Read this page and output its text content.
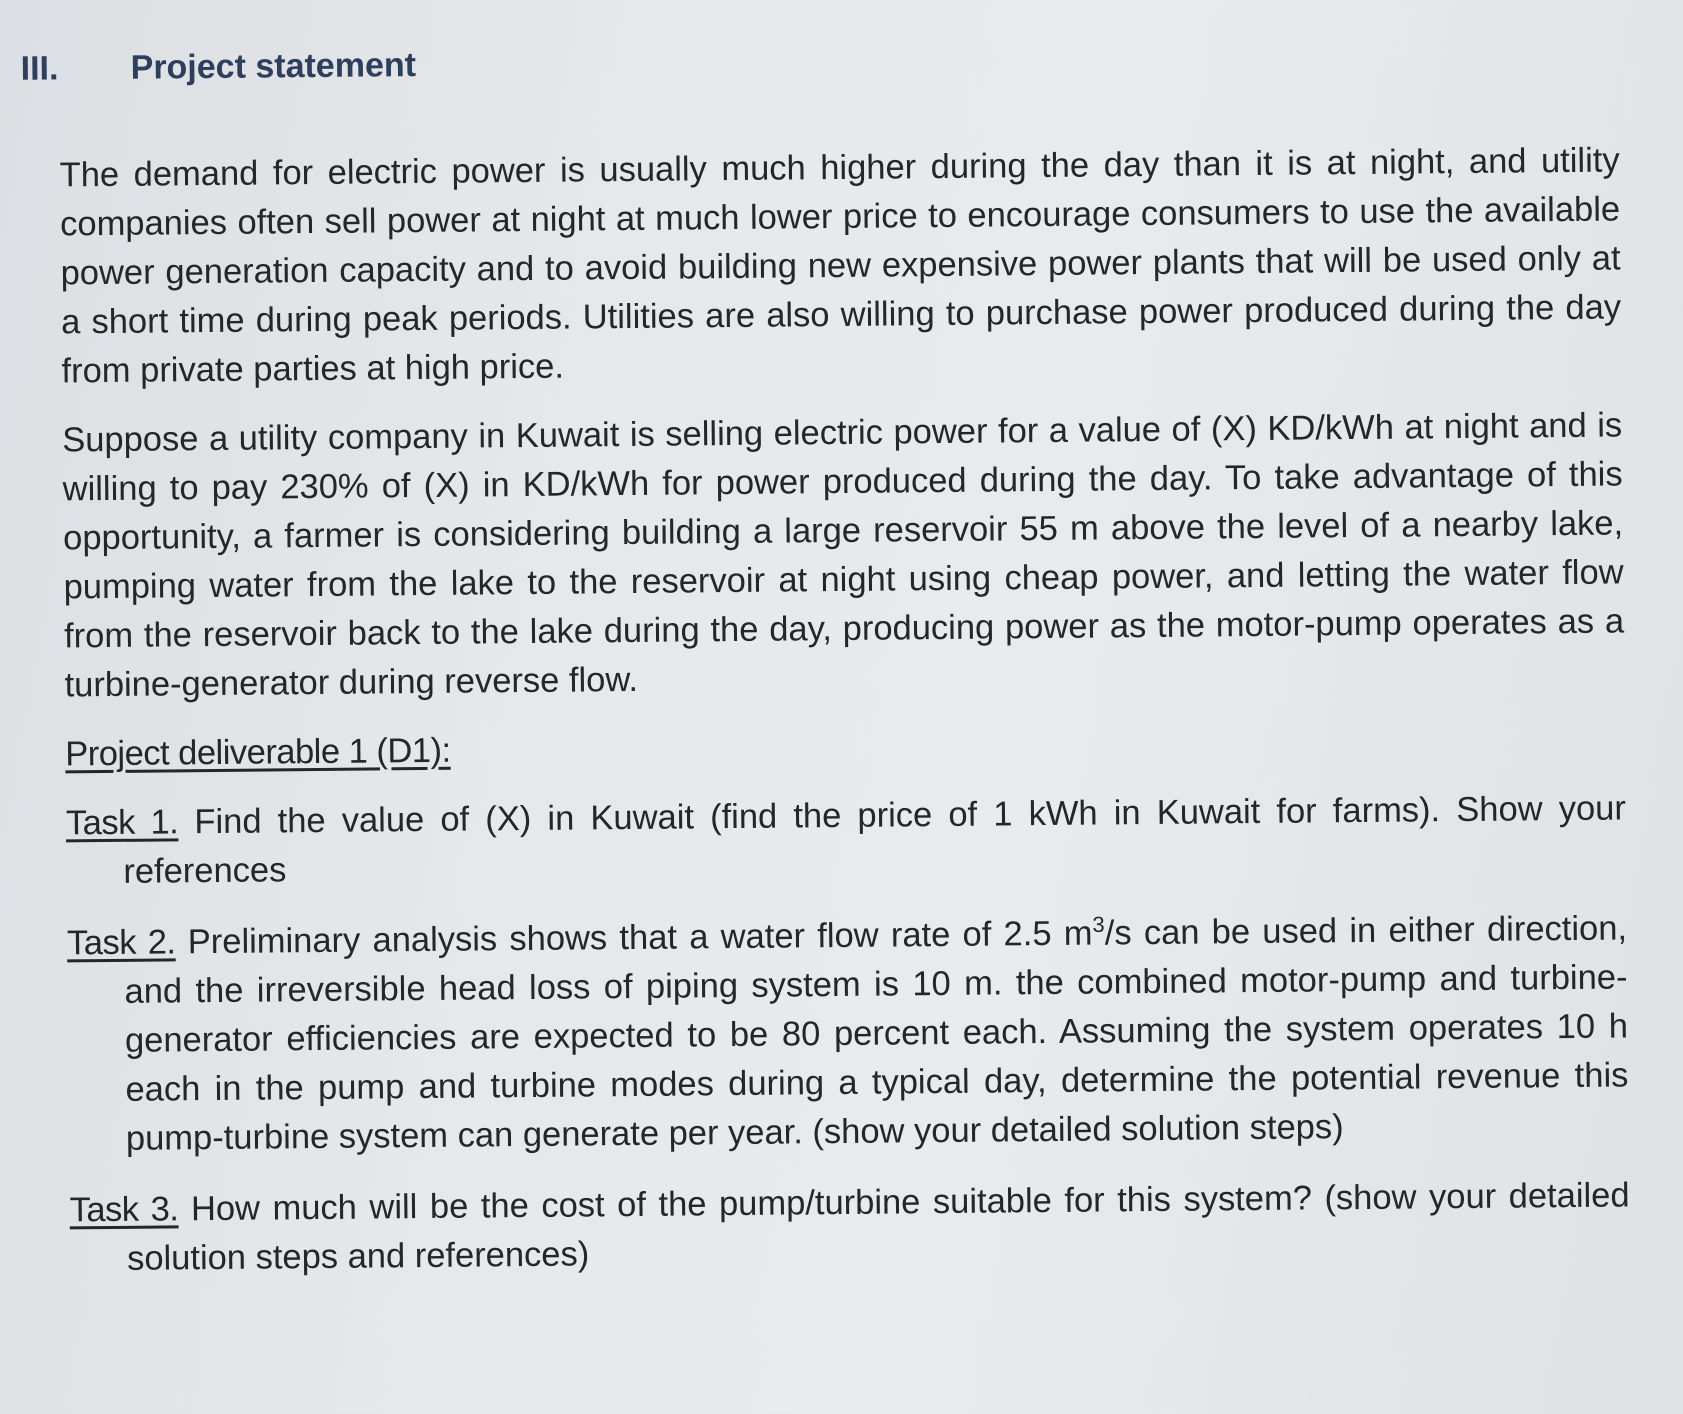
III.	Project statement

The demand for electric power is usually much higher during the day than it is at night, and utility companies often sell power at night at much lower price to encourage consumers to use the available power generation capacity and to avoid building new expensive power plants that will be used only at a short time during peak periods. Utilities are also willing to purchase power produced during the day from private parties at high price.

Suppose a utility company in Kuwait is selling electric power for a value of (X) KD/kWh at night and is willing to pay 230% of (X) in KD/kWh for power produced during the day. To take advantage of this opportunity, a farmer is considering building a large reservoir 55 m above the level of a nearby lake, pumping water from the lake to the reservoir at night using cheap power, and letting the water flow from the reservoir back to the lake during the day, producing power as the motor-pump operates as a turbine-generator during reverse flow.

Project deliverable 1 (D1):

Task 1. Find the value of (X) in Kuwait (find the price of 1 kWh in Kuwait for farms). Show your references

Task 2. Preliminary analysis shows that a water flow rate of 2.5 $m^3/s$ can be used in either direction, and the irreversible head loss of piping system is 10 m. the combined motor-pump and turbine-generator efficiencies are expected to be 80 percent each. Assuming the system operates 10 h each in the pump and turbine modes during a typical day, determine the potential revenue this pump-turbine system can generate per year. (show your detailed solution steps)

Task 3. How much will be the cost of the pump/turbine suitable for this system? (show your detailed solution steps and references)
